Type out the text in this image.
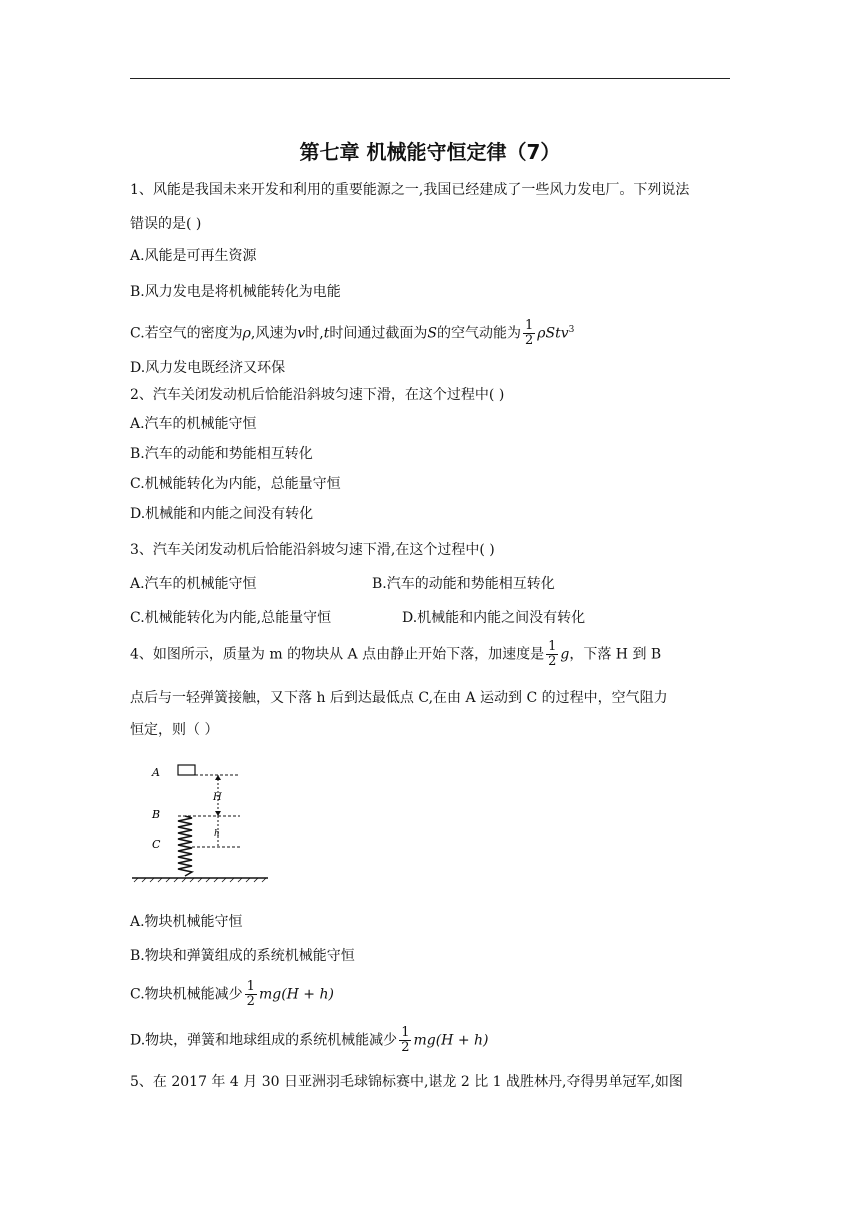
第七章 机械能守恒定律（7）
1、风能是我国未来开发和利用的重要能源之一,我国已经建成了一些风力发电厂。下列说法
错误的是( )
A.风能是可再生资源
B.风力发电是将机械能转化为电能
C.若空气的密度为ρ,风速为v时,t时间通过截面为S的空气动能为 $\frac{1}{2} \rho Stv^3$
D.风力发电既经济又环保
2、汽车关闭发动机后恰能沿斜坡匀速下滑，在这个过程中( )
A.汽车的机械能守恒
B.汽车的动能和势能相互转化
C.机械能转化为内能，总能量守恒
D.机械能和内能之间没有转化
3、汽车关闭发动机后恰能沿斜坡匀速下滑,在这个过程中( )
A.汽车的机械能守恒	B.汽车的动能和势能相互转化
C.机械能转化为内能,总能量守恒	D.机械能和内能之间没有转化
4、如图所示，质量为 m 的物块从 A 点由静止开始下落，加速度是 $\frac{1}{2}$ g，下落 H 到 B
点后与一轻弹簧接触，又下落 h 后到达最低点 C,在由 A 运动到 C 的过程中，空气阻力
恒定，则（ ）
A
B
C
H
h
A.物块机械能守恒
B.物块和弹簧组成的系统机械能守恒
C.物块机械能减少 $\frac{1}{2} mg(H + h)$
D.物块，弹簧和地球组成的系统机械能减少 $\frac{1}{2} mg(H + h)$
5、在 2017 年 4 月 30 日亚洲羽毛球锦标赛中,谌龙 2 比 1 战胜林丹,夺得男单冠军,如图
